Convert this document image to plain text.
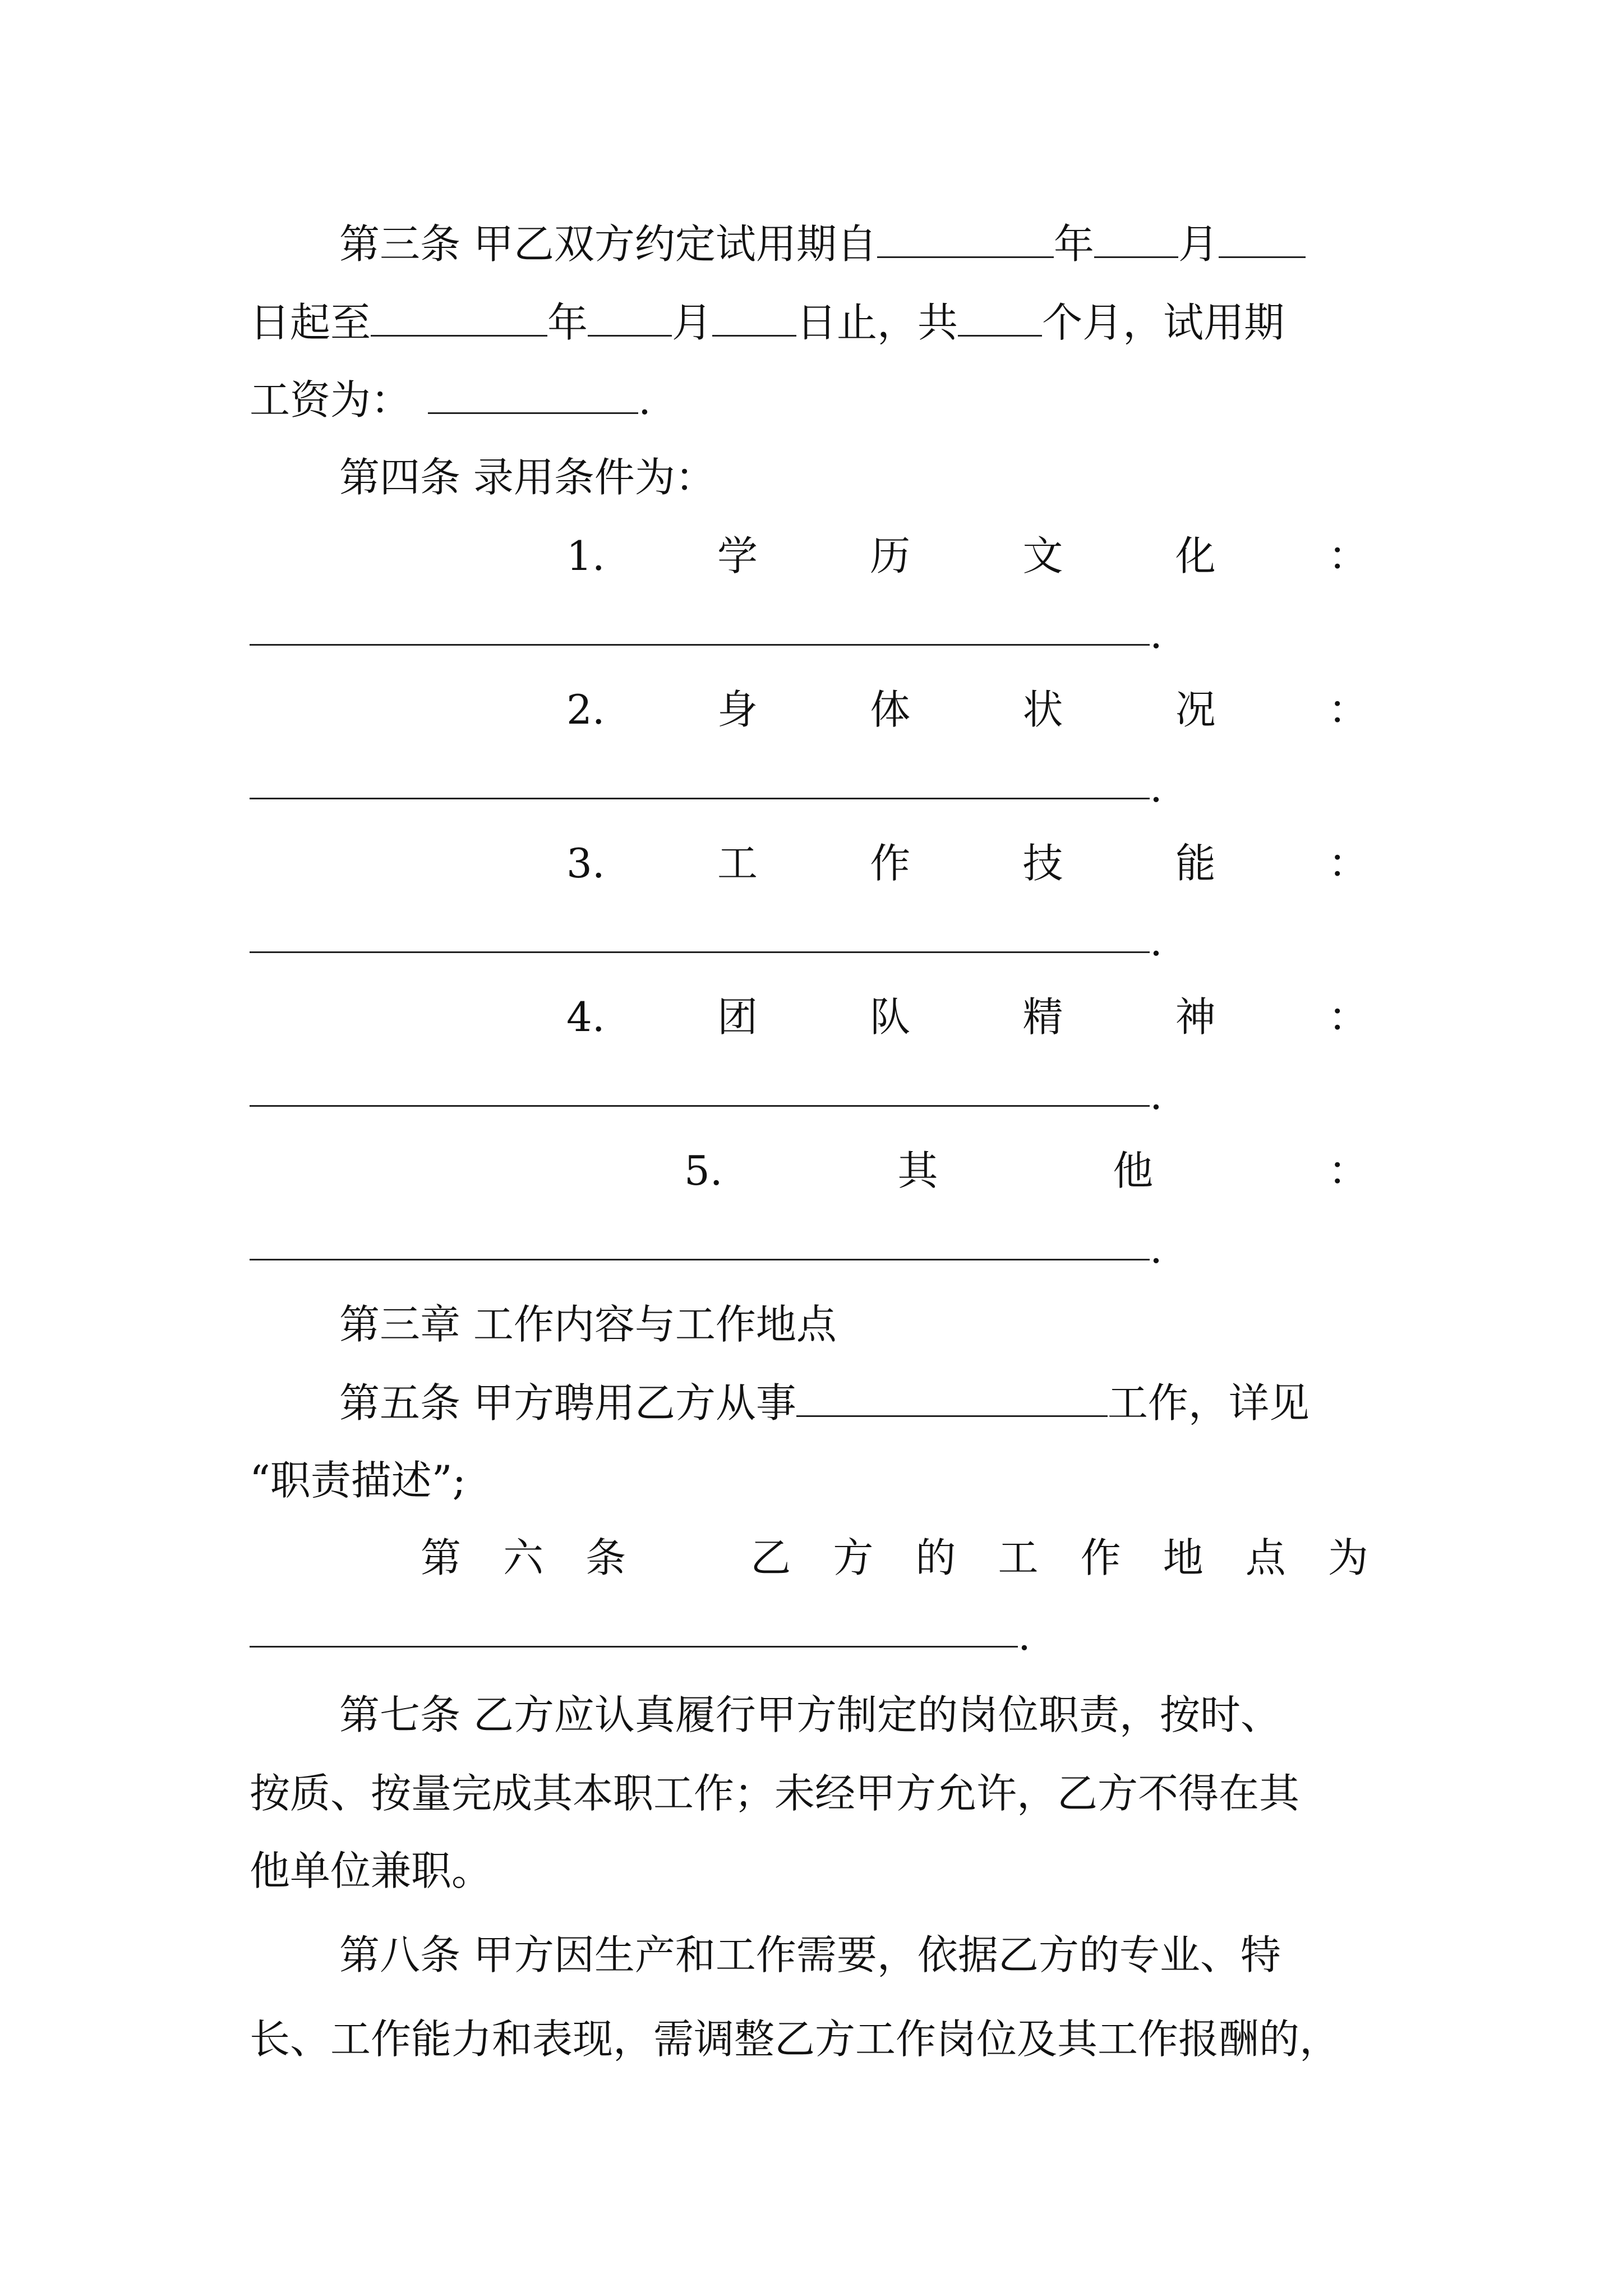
第三条 甲乙双方约定试用期自	年 月
日起至	年 月 日止，共 个月，试用期
工资为：	.
第四条 录用条件为：
1.	学	历	文	化	：
.
2.	身	体	状	况	：
.
3.	工	作	技	能	：
.
4.	团	队	精	神	：
.
5.	其	他	：
.
第三章 工作内容与工作地点
第五条 甲方聘用乙方从事	工作，详见
“职责描述”;
第 六 条	乙 方 的 工 作 地 点 为
.
第七条 乙方应认真履行甲方制定的岗位职责，按时、
按质、按量完成其本职工作；未经甲方允许，乙方不得在其
他单位兼职。
第八条 甲方因生产和工作需要，依据乙方的专业、特
长、工作能力和表现，需调整乙方工作岗位及其工作报酬的，
